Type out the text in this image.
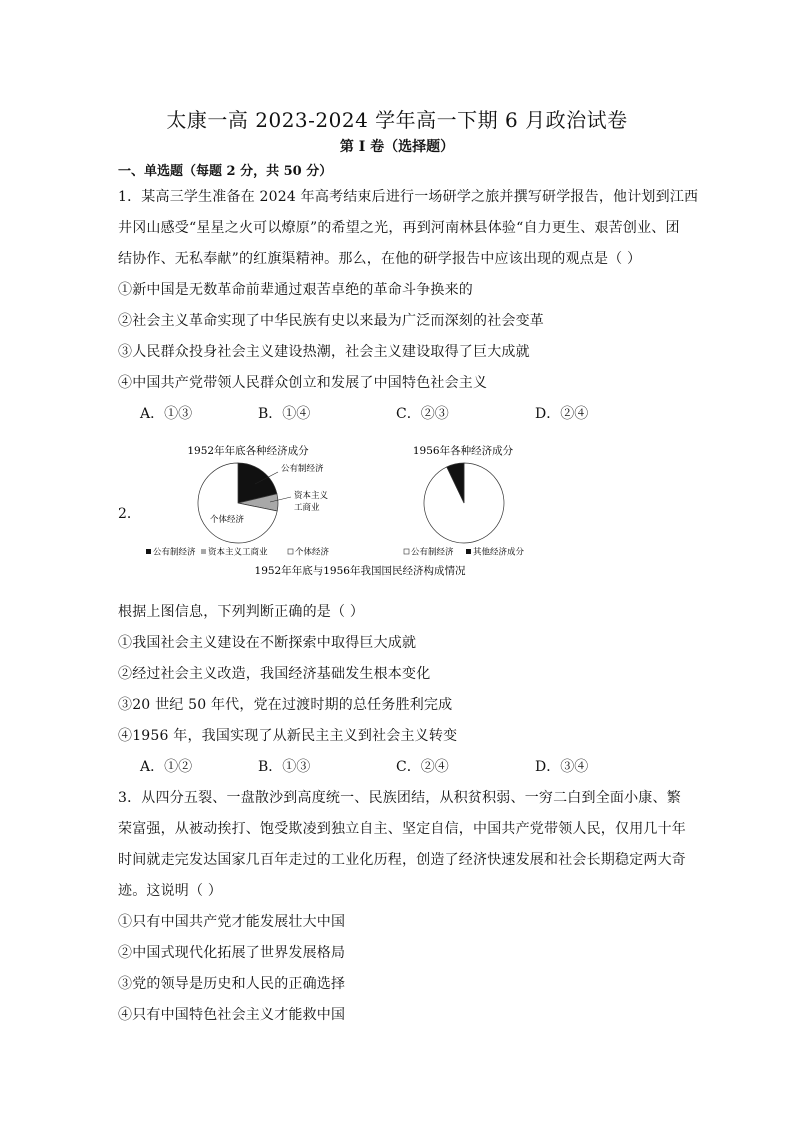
太康一高 2023-2024 学年高一下期 6 月政治试卷
第 I 卷（选择题）
一、单选题（每题 2 分，共 50 分）
1．某高三学生准备在 2024 年高考结束后进行一场研学之旅并撰写研学报告，他计划到江西
井冈山感受“星星之火可以燎原”的希望之光，再到河南林县体验“自力更生、艰苦创业、团
结协作、无私奉献”的红旗渠精神。那么，在他的研学报告中应该出现的观点是（ ）
①新中国是无数革命前辈通过艰苦卓绝的革命斗争换来的
②社会主义革命实现了中华民族有史以来最为广泛而深刻的社会变革
③人民群众投身社会主义建设热潮，社会主义建设取得了巨大成就
④中国共产党带领人民群众创立和发展了中国特色社会主义
A．①③	B．①④	C．②③	D．②④
2．
1952年年底各种经济成分
公有制经济
资本主义
工商业
个体经济
公有制经济 资本主义工商业	个体经济
1956年各种经济成分
公有制经济 其他经济成分
1952年年底与1956年我国国民经济构成情况
根据上图信息，下列判断正确的是（ ）
①我国社会主义建设在不断探索中取得巨大成就
②经过社会主义改造，我国经济基础发生根本变化
③20 世纪 50 年代，党在过渡时期的总任务胜利完成
④1956 年，我国实现了从新民主主义到社会主义转变
A．①②	B．①③	C．②④	D．③④
3．从四分五裂、一盘散沙到高度统一、民族团结，从积贫积弱、一穷二白到全面小康、繁
荣富强，从被动挨打、饱受欺凌到独立自主、坚定自信，中国共产党带领人民，仅用几十年
时间就走完发达国家几百年走过的工业化历程，创造了经济快速发展和社会长期稳定两大奇
迹。这说明（ ）
①只有中国共产党才能发展壮大中国
②中国式现代化拓展了世界发展格局
③党的领导是历史和人民的正确选择
④只有中国特色社会主义才能救中国
